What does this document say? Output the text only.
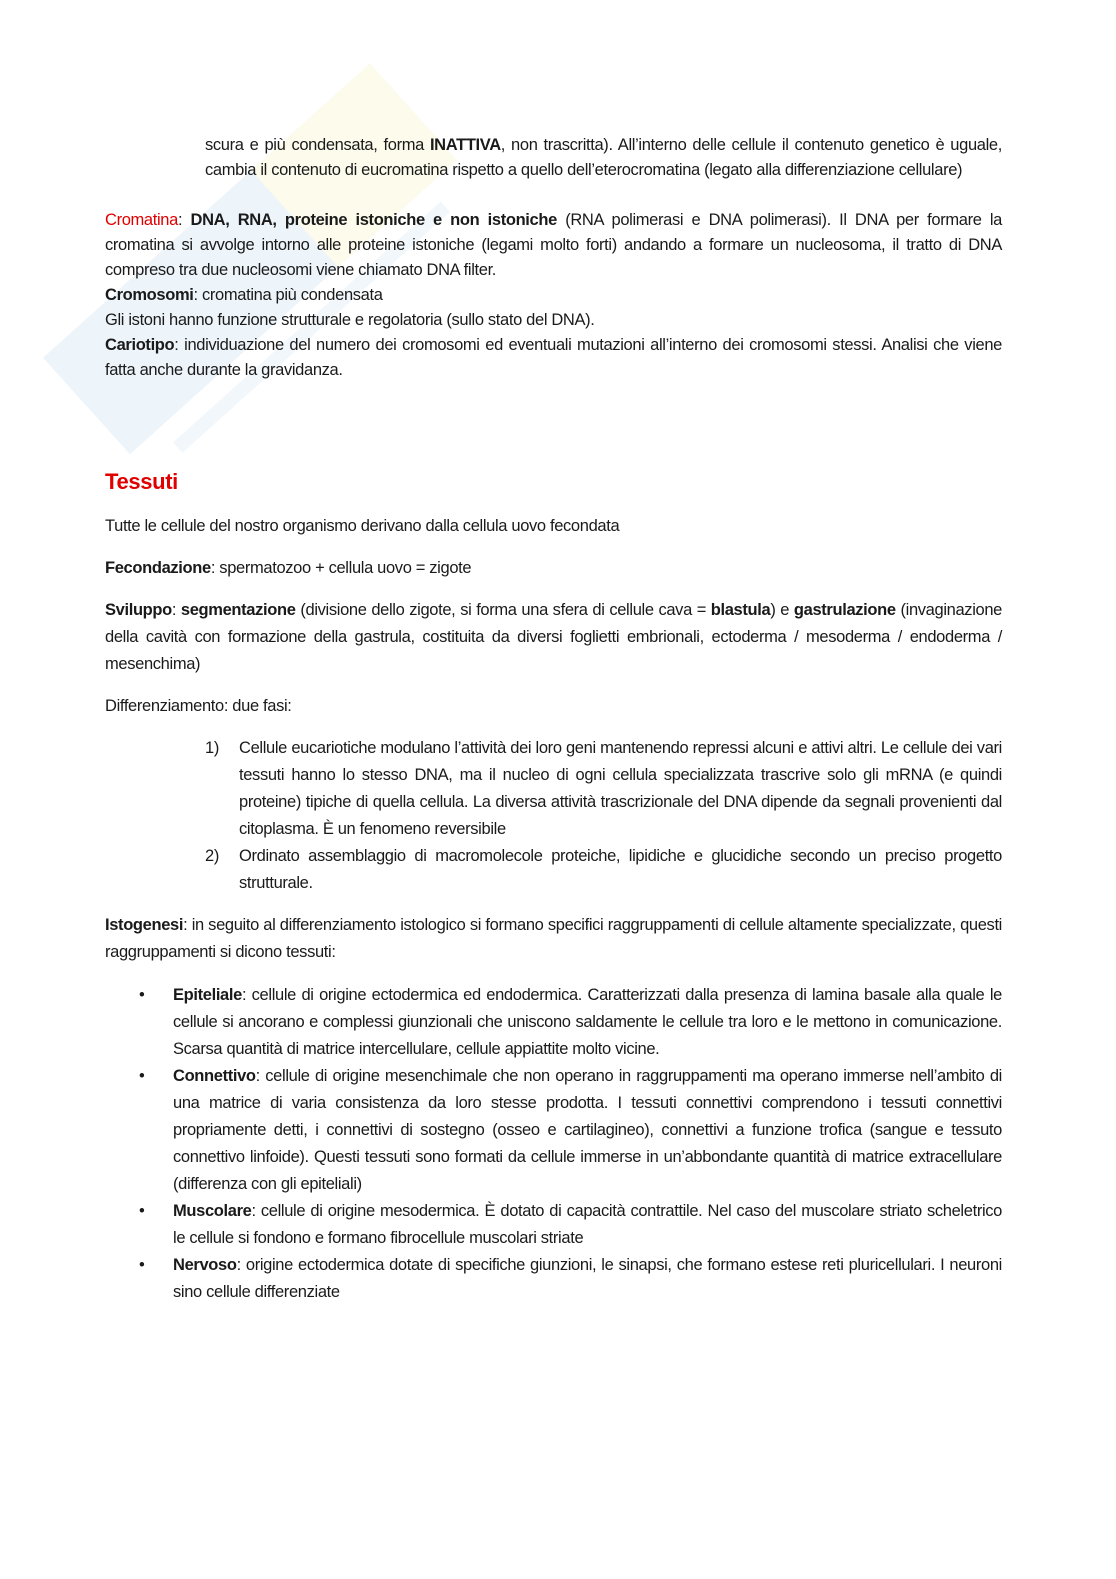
scura e più condensata, forma INATTIVA, non trascritta). All’interno delle cellule il contenuto genetico è uguale, cambia il contenuto di eucromatina rispetto a quello dell’eterocromatina (legato alla differenziazione cellulare)

Cromatina: DNA, RNA, proteine istoniche e non istoniche (RNA polimerasi e DNA polimerasi). Il DNA per formare la cromatina si avvolge intorno alle proteine istoniche (legami molto forti) andando a formare un nucleosoma, il tratto di DNA compreso tra due nucleosomi viene chiamato DNA filter.

Cromosomi: cromatina più condensata

Gli istoni hanno funzione strutturale e regolatoria (sullo stato del DNA).

Cariotipo: individuazione del numero dei cromosomi ed eventuali mutazioni all’interno dei cromosomi stessi. Analisi che viene fatta anche durante la gravidanza.

Tessuti

Tutte le cellule del nostro organismo derivano dalla cellula uovo fecondata

Fecondazione: spermatozoo + cellula uovo = zigote

Sviluppo: segmentazione (divisione dello zigote, si forma una sfera di cellule cava = blastula) e gastrulazione (invaginazione della cavità con formazione della gastrula, costituita da diversi foglietti embrionali, ectoderma / mesoderma / endoderma / mesenchima)

Differenziamento: due fasi:

1) Cellule eucariotiche modulano l’attività dei loro geni mantenendo repressi alcuni e attivi altri. Le cellule dei vari tessuti hanno lo stesso DNA, ma il nucleo di ogni cellula specializzata trascrive solo gli mRNA (e quindi proteine) tipiche di quella cellula. La diversa attività trascrizionale del DNA dipende da segnali provenienti dal citoplasma. È un fenomeno reversibile
2) Ordinato assemblaggio di macromolecole proteiche, lipidiche e glucidiche secondo un preciso progetto strutturale.

Istogenesi: in seguito al differenziamento istologico si formano specifici raggruppamenti di cellule altamente specializzate, questi raggruppamenti si dicono tessuti:

• Epiteliale: cellule di origine ectodermica ed endodermica. Caratterizzati dalla presenza di lamina basale alla quale le cellule si ancorano e complessi giunzionali che uniscono saldamente le cellule tra loro e le mettono in comunicazione. Scarsa quantità di matrice intercellulare, cellule appiattite molto vicine.
• Connettivo: cellule di origine mesenchimale che non operano in raggruppamenti ma operano immerse nell’ambito di una matrice di varia consistenza da loro stesse prodotta. I tessuti connettivi comprendono i tessuti connettivi propriamente detti, i connettivi di sostegno (osseo e cartilagineo), connettivi a funzione trofica (sangue e tessuto connettivo linfoide). Questi tessuti sono formati da cellule immerse in un’abbondante quantità di matrice extracellulare (differenza con gli epiteliali)
• Muscolare: cellule di origine mesodermica. È dotato di capacità contrattile. Nel caso del muscolare striato scheletrico le cellule si fondono e formano fibrocellule muscolari striate
• Nervoso: origine ectodermica dotate di specifiche giunzioni, le sinapsi, che formano estese reti pluricellulari. I neuroni sino cellule differenziate
